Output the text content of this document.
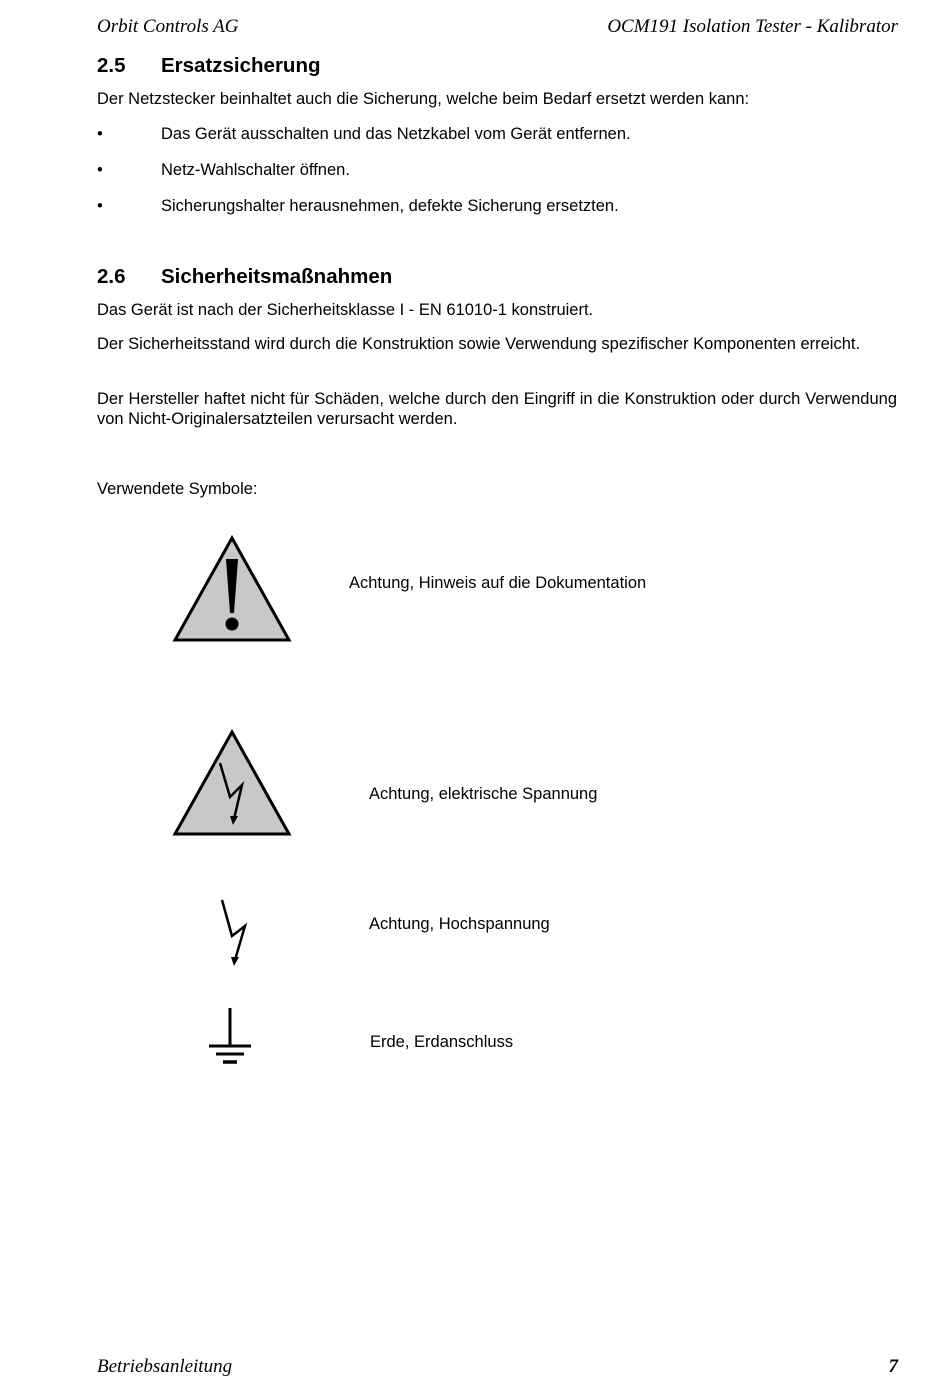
Orbit Controls AG	OCM191 Isolation Tester - Kalibrator
2.5 Ersatzsicherung
Der Netzstecker beinhaltet auch die Sicherung, welche beim Bedarf ersetzt werden kann:
•	Das Gerät ausschalten und das Netzkabel vom Gerät entfernen.
•	Netz-Wahlschalter öffnen.
•	Sicherungshalter herausnehmen, defekte Sicherung ersetzten.
2.6 Sicherheitsmaßnahmen
Das Gerät ist nach der Sicherheitsklasse I - EN 61010-1 konstruiert.
Der Sicherheitsstand wird durch die Konstruktion sowie Verwendung spezifischer Komponenten erreicht.
Der Hersteller haftet nicht für Schäden, welche durch den Eingriff in die Konstruktion oder durch Verwendung von Nicht-Originalersatzteilen verursacht werden.
Verwendete Symbole:
Achtung, Hinweis auf die Dokumentation
Achtung, elektrische Spannung
Achtung, Hochspannung
Erde, Erdanschluss
Betriebsanleitung	7
